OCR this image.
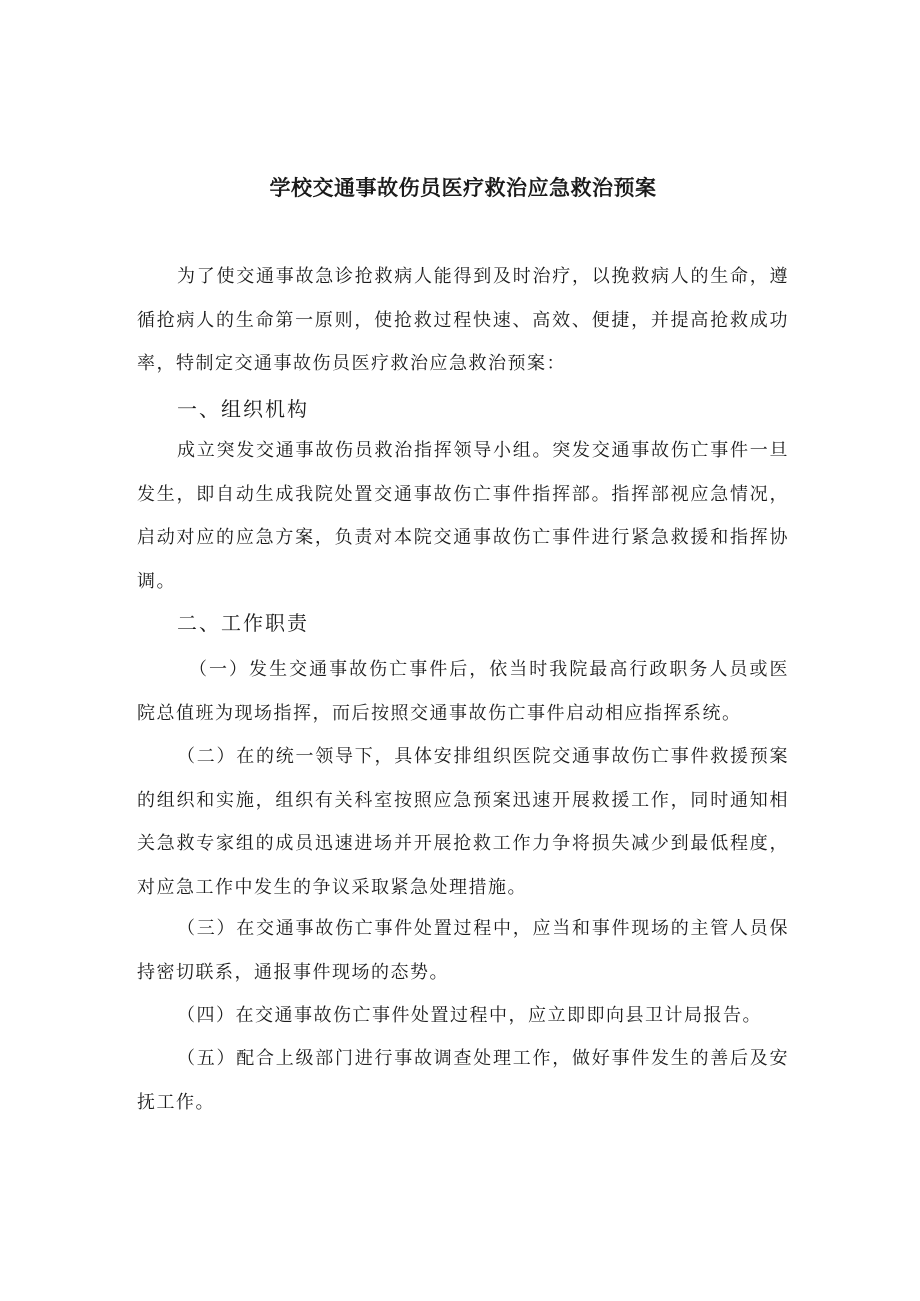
学校交通事故伤员医疗救治应急救治预案

为了使交通事故急诊抢救病人能得到及时治疗，以挽救病人的生命，遵循抢病人的生命第一原则，使抢救过程快速、高效、便捷，并提高抢救成功率，特制定交通事故伤员医疗救治应急救治预案：

一、组织机构

成立突发交通事故伤员救治指挥领导小组。突发交通事故伤亡事件一旦发生，即自动生成我院处置交通事故伤亡事件指挥部。指挥部视应急情况，启动对应的应急方案，负责对本院交通事故伤亡事件进行紧急救援和指挥协调。

二、工作职责

（一）发生交通事故伤亡事件后，依当时我院最高行政职务人员或医院总值班为现场指挥，而后按照交通事故伤亡事件启动相应指挥系统。

（二）在的统一领导下，具体安排组织医院交通事故伤亡事件救援预案的组织和实施，组织有关科室按照应急预案迅速开展救援工作，同时通知相关急救专家组的成员迅速进场并开展抢救工作力争将损失减少到最低程度，对应急工作中发生的争议采取紧急处理措施。

（三）在交通事故伤亡事件处置过程中，应当和事件现场的主管人员保持密切联系，通报事件现场的态势。

（四）在交通事故伤亡事件处置过程中，应立即即向县卫计局报告。

（五）配合上级部门进行事故调查处理工作，做好事件发生的善后及安抚工作。
